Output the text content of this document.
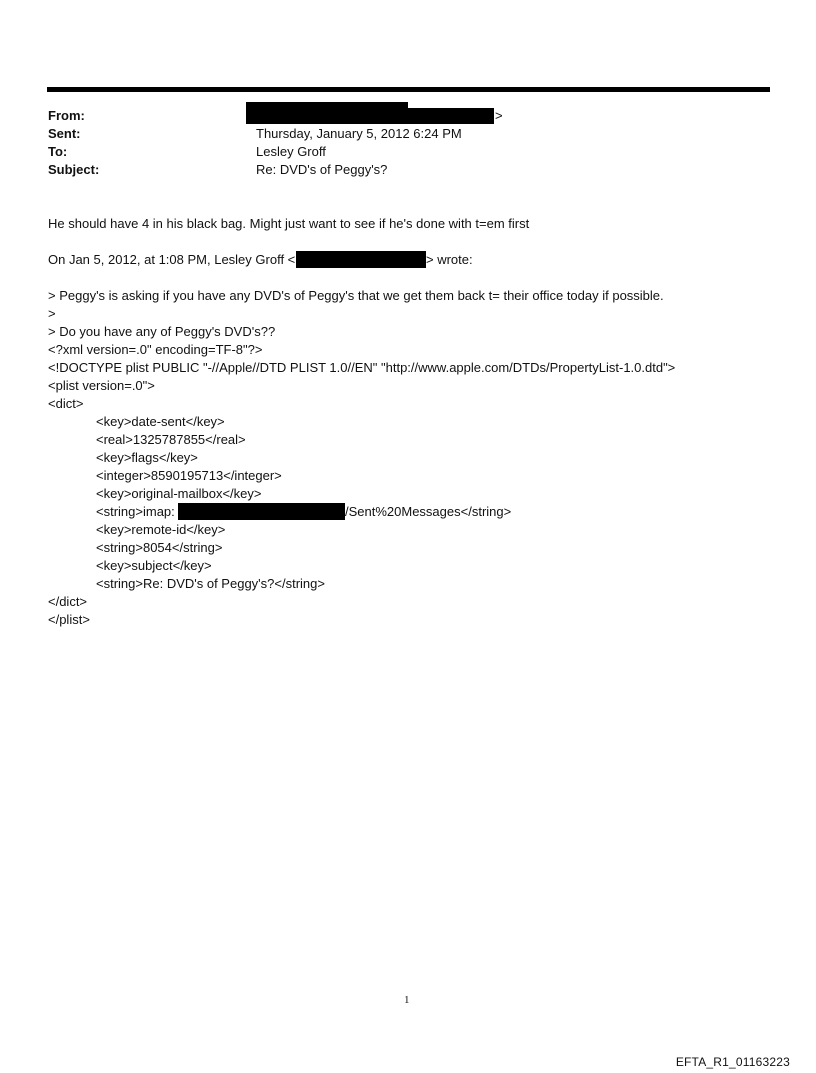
From:	>
Sent:	Thursday, January 5, 2012 6:24 PM
To:	Lesley Groff
Subject:	Re: DVD's of Peggy's?
He should have 4 in his black bag. Might just want to see if he's done with t=em first
On Jan 5, 2012, at 1:08 PM, Lesley Groff <	> wrote:
> Peggy's is asking if you have any DVD's of Peggy's that we get them back t= their office today if possible.
>
> Do you have any of Peggy's DVD's??
<?xml version=.0" encoding=TF-8"?>
<!DOCTYPE plist PUBLIC "-//Apple//DTD PLIST 1.0//EN" "http://www.apple.com/DTDs/PropertyList-1.0.dtd">
<plist version=.0">
<dict>
<key>date-sent</key>
<real>1325787855</real>
<key>flags</key>
<integer>8590195713</integer>
<key>original-mailbox</key>
<string>imap:	/Sent%20Messages</string>
<key>remote-id</key>
<string>8054</string>
<key>subject</key>
<string>Re: DVD's of Peggy's?</string>
</dict>
</plist>
1
EFTA_R1_01163223
